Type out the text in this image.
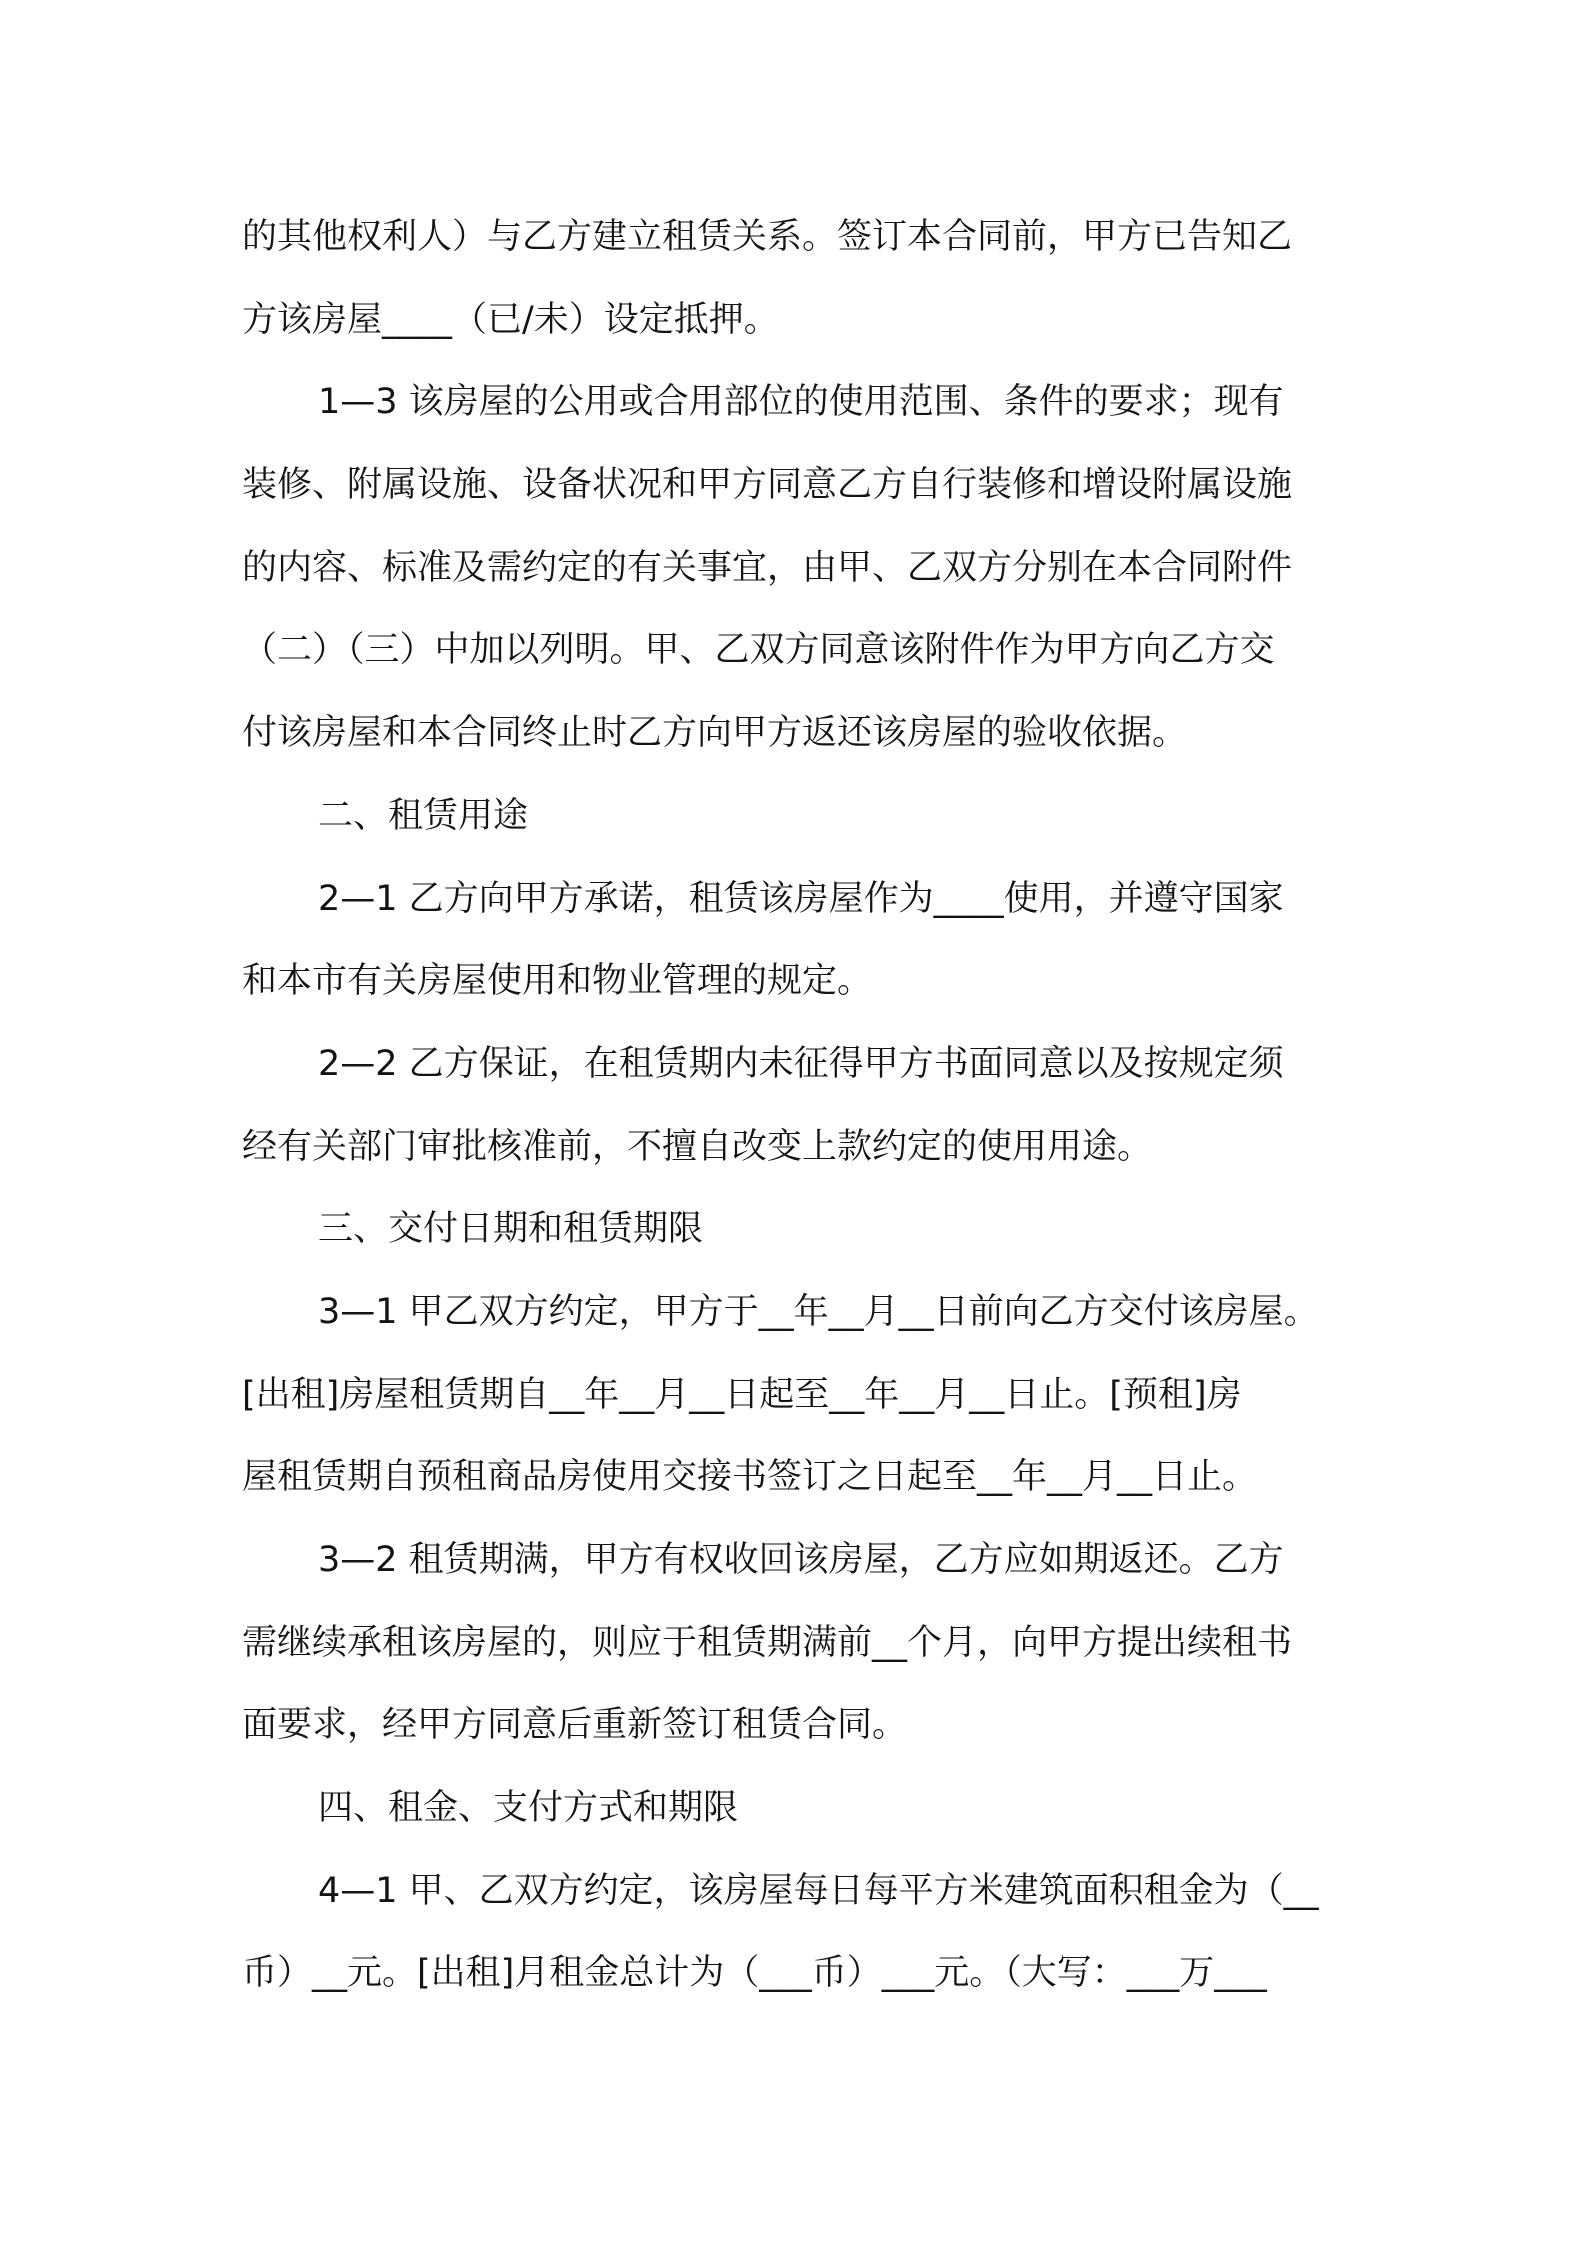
的其他权利人）与乙方建立租赁关系。签订本合同前，甲方已告知乙
方该房屋____（已/未）设定抵押。
1—3 该房屋的公用或合用部位的使用范围、条件的要求；现有
装修、附属设施、设备状况和甲方同意乙方自行装修和增设附属设施
的内容、标准及需约定的有关事宜，由甲、乙双方分别在本合同附件
（二）（三）中加以列明。甲、乙双方同意该附件作为甲方向乙方交
付该房屋和本合同终止时乙方向甲方返还该房屋的验收依据。
二、租赁用途
2—1 乙方向甲方承诺，租赁该房屋作为____使用，并遵守国家
和本市有关房屋使用和物业管理的规定。
2—2 乙方保证，在租赁期内未征得甲方书面同意以及按规定须
经有关部门审批核准前，不擅自改变上款约定的使用用途。
三、交付日期和租赁期限
3—1 甲乙双方约定，甲方于__年__月__日前向乙方交付该房屋。
[出租]房屋租赁期自__年__月__日起至__年__月__日止。[预租]房
屋租赁期自预租商品房使用交接书签订之日起至__年__月__日止。
3—2 租赁期满，甲方有权收回该房屋，乙方应如期返还。乙方
需继续承租该房屋的，则应于租赁期满前__个月，向甲方提出续租书
面要求，经甲方同意后重新签订租赁合同。
四、租金、支付方式和期限
4—1 甲、乙双方约定，该房屋每日每平方米建筑面积租金为（__
币）__元。[出租]月租金总计为（___币）___元。（大写：___万___
